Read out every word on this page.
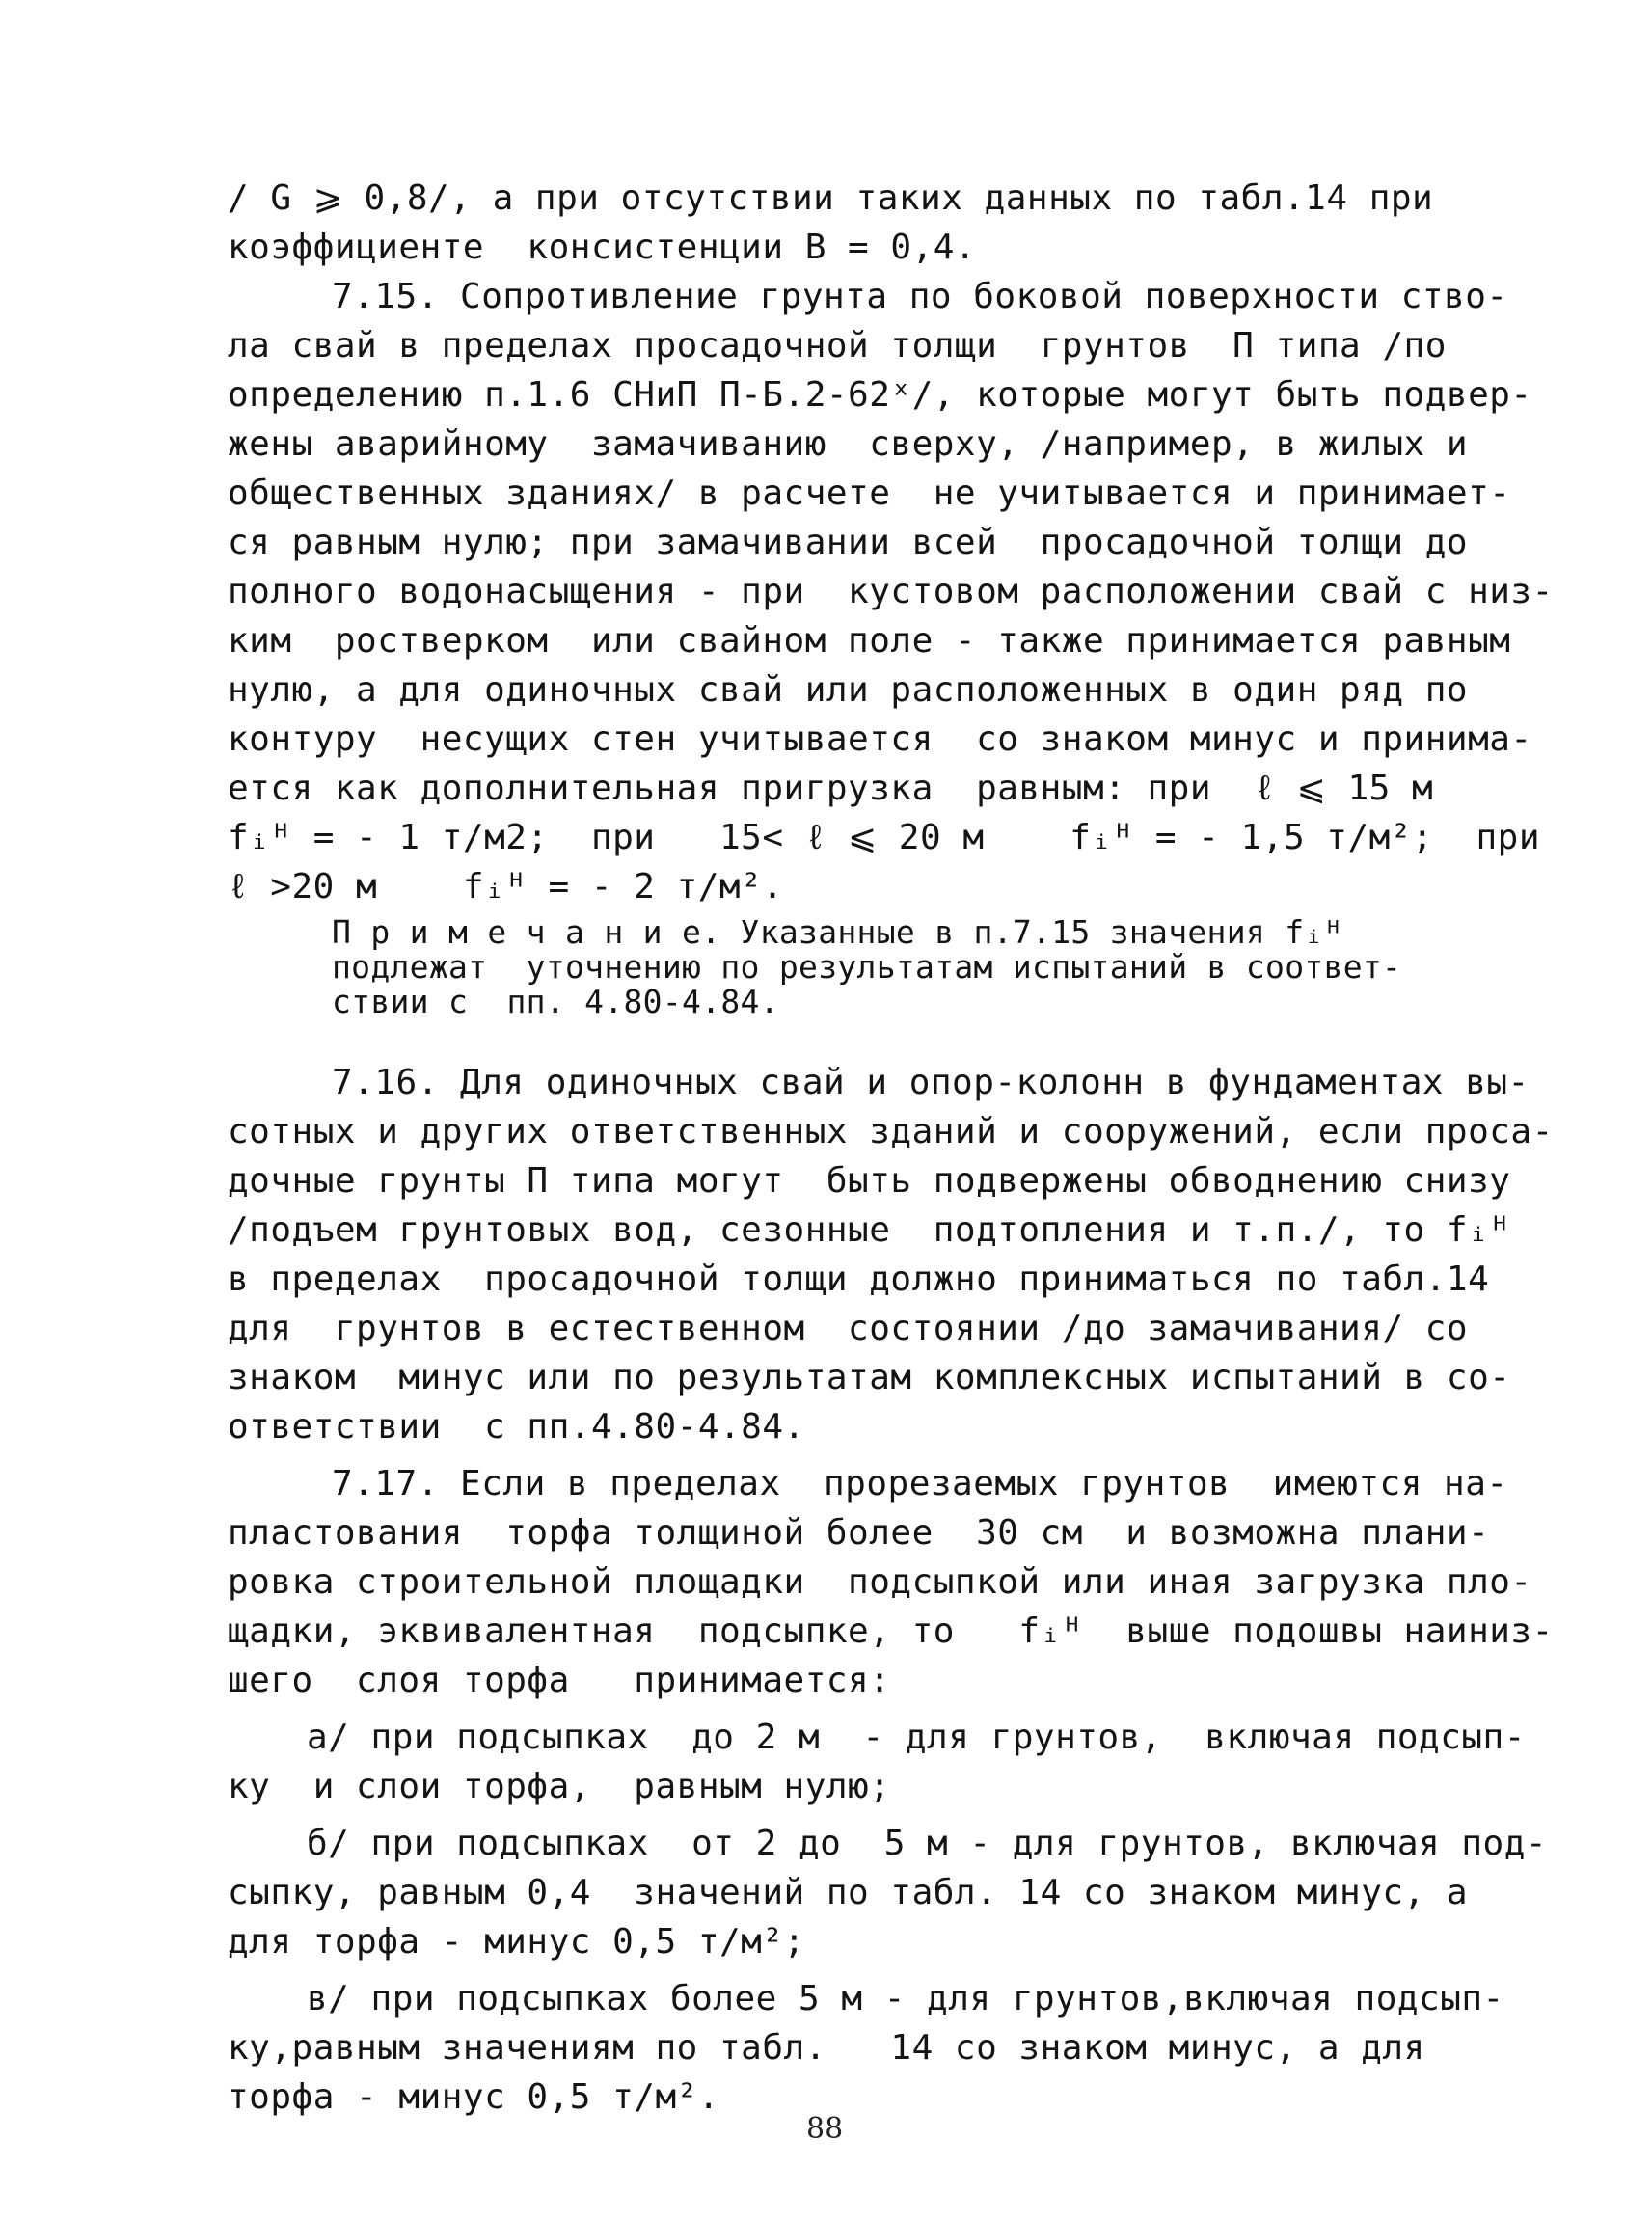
/ G ⩾ 0,8/, а при отсутствии таких данных по табл.14 при
коэффициенте  консистенции В = 0,4.
7.15. Сопротивление грунта по боковой поверхности ство-
ла свай в пределах просадочной толщи  грунтов  П типа /по
определению п.1.6 СНиП П-Б.2-62ˣ/, которые могут быть подвер-
жены аварийному  замачиванию  сверху, /например, в жилых и
общественных зданиях/ в расчете  не учитывается и принимает-
ся равным нулю; при замачивании всей  просадочной толщи до
полного водонасыщения - при  кустовом расположении свай с низ-
ким  ростверком  или свайном поле - также принимается равным
нулю, а для одиночных свай или расположенных в один ряд по
контуру  несущих стен учитывается  со знаком минус и принима-
ется как дополнительная пригрузка  равным: при  ℓ ⩽ 15 м
fᵢᴴ = - 1 т/м2;  при   15< ℓ ⩽ 20 м    fᵢᴴ = - 1,5 т/м²;  при
ℓ >20 м    fᵢᴴ = - 2 т/м².
П р и м е ч а н и е. Указанные в п.7.15 значения fᵢᴴ
подлежат  уточнению по результатам испытаний в соответ-
ствии с  пп. 4.80-4.84.
7.16. Для одиночных свай и опор-колонн в фундаментах вы-
сотных и других ответственных зданий и сооружений, если проса-
дочные грунты П типа могут  быть подвержены обводнению снизу
/подъем грунтовых вод, сезонные  подтопления и т.п./, то fᵢᴴ
в пределах  просадочной толщи должно приниматься по табл.14
для  грунтов в естественном  состоянии /до замачивания/ со
знаком  минус или по результатам комплексных испытаний в со-
ответствии  с пп.4.80-4.84.
7.17. Если в пределах  прорезаемых грунтов  имеются на-
пластования  торфа толщиной более  30 см  и возможна плани-
ровка строительной площадки  подсыпкой или иная загрузка пло-
щадки, эквивалентная  подсыпке, то   fᵢᴴ  выше подошвы наиниз-
шего  слоя торфа   принимается:
а/ при подсыпках  до 2 м  - для грунтов,  включая подсып-
ку  и слои торфа,  равным нулю;
б/ при подсыпках  от 2 до  5 м - для грунтов, включая под-
сыпку, равным 0,4  значений по табл. 14 со знаком минус, а
для торфа - минус 0,5 т/м²;
в/ при подсыпках более 5 м - для грунтов,включая подсып-
ку,равным значениям по табл.   14 со знаком минус, а для
торфа - минус 0,5 т/м².
88
